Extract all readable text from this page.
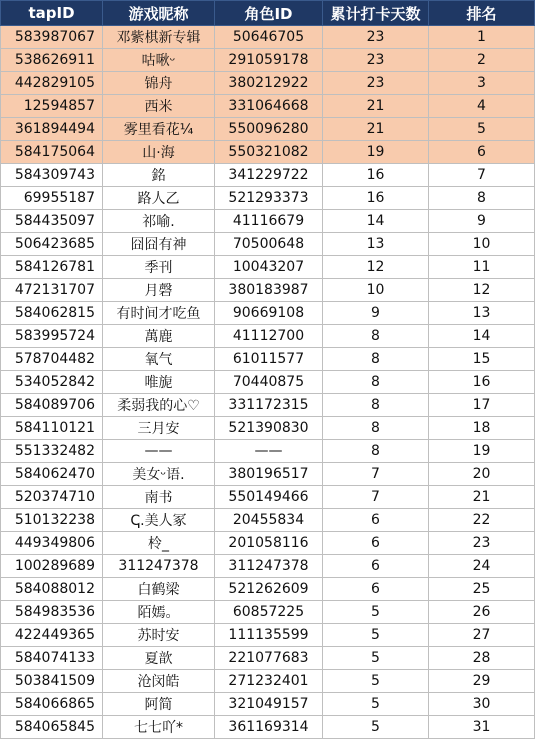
tapID	游戏昵称	角色ID	累计打卡天数	排名
583987067	邓紫棋新专辑	50646705	23	1
538626911	咕啾ᵕ	291059178	23	2
442829105	锦舟	380212922	23	3
12594857	西米	331064668	21	4
361894494	雾里看花¼	550096280	21	5
584175064	山·海	550321082	19	6
584309743	銘	341229722	16	7
69955187	路人乙	521293373	16	8
584435097	祁喻.	41116679	14	9
506423685	囧囧有神	70500648	13	10
584126781	季刊	10043207	12	11
472131707	月磬	380183987	10	12
584062815	有时间才吃鱼	90669108	9	13
583995724	萬鹿	41112700	8	14
578704482	氧气	61011577	8	15
534052842	唯旎	70440875	8	16
584089706	柔弱我的心♡	331172315	8	17
584110121	三月安	521390830	8	18
551332482	——	——	8	19
584062470	美女ᵕ语.	380196517	7	20
520374710	南书	550149466	7	21
510132238	ↅ.美人冢	20455834	6	22
449349806	柃_	201058116	6	23
100289689	311247378	311247378	6	24
584088012	白鹤梁	521262609	6	25
584983536	陌嫣。	60857225	5	26
422449365	苏时安	111135599	5	27
584074133	夏歆	221077683	5	28
503841509	沧闵皓	271232401	5	29
584066865	阿简	321049157	5	30
584065845	七七吖*	361169314	5	31
